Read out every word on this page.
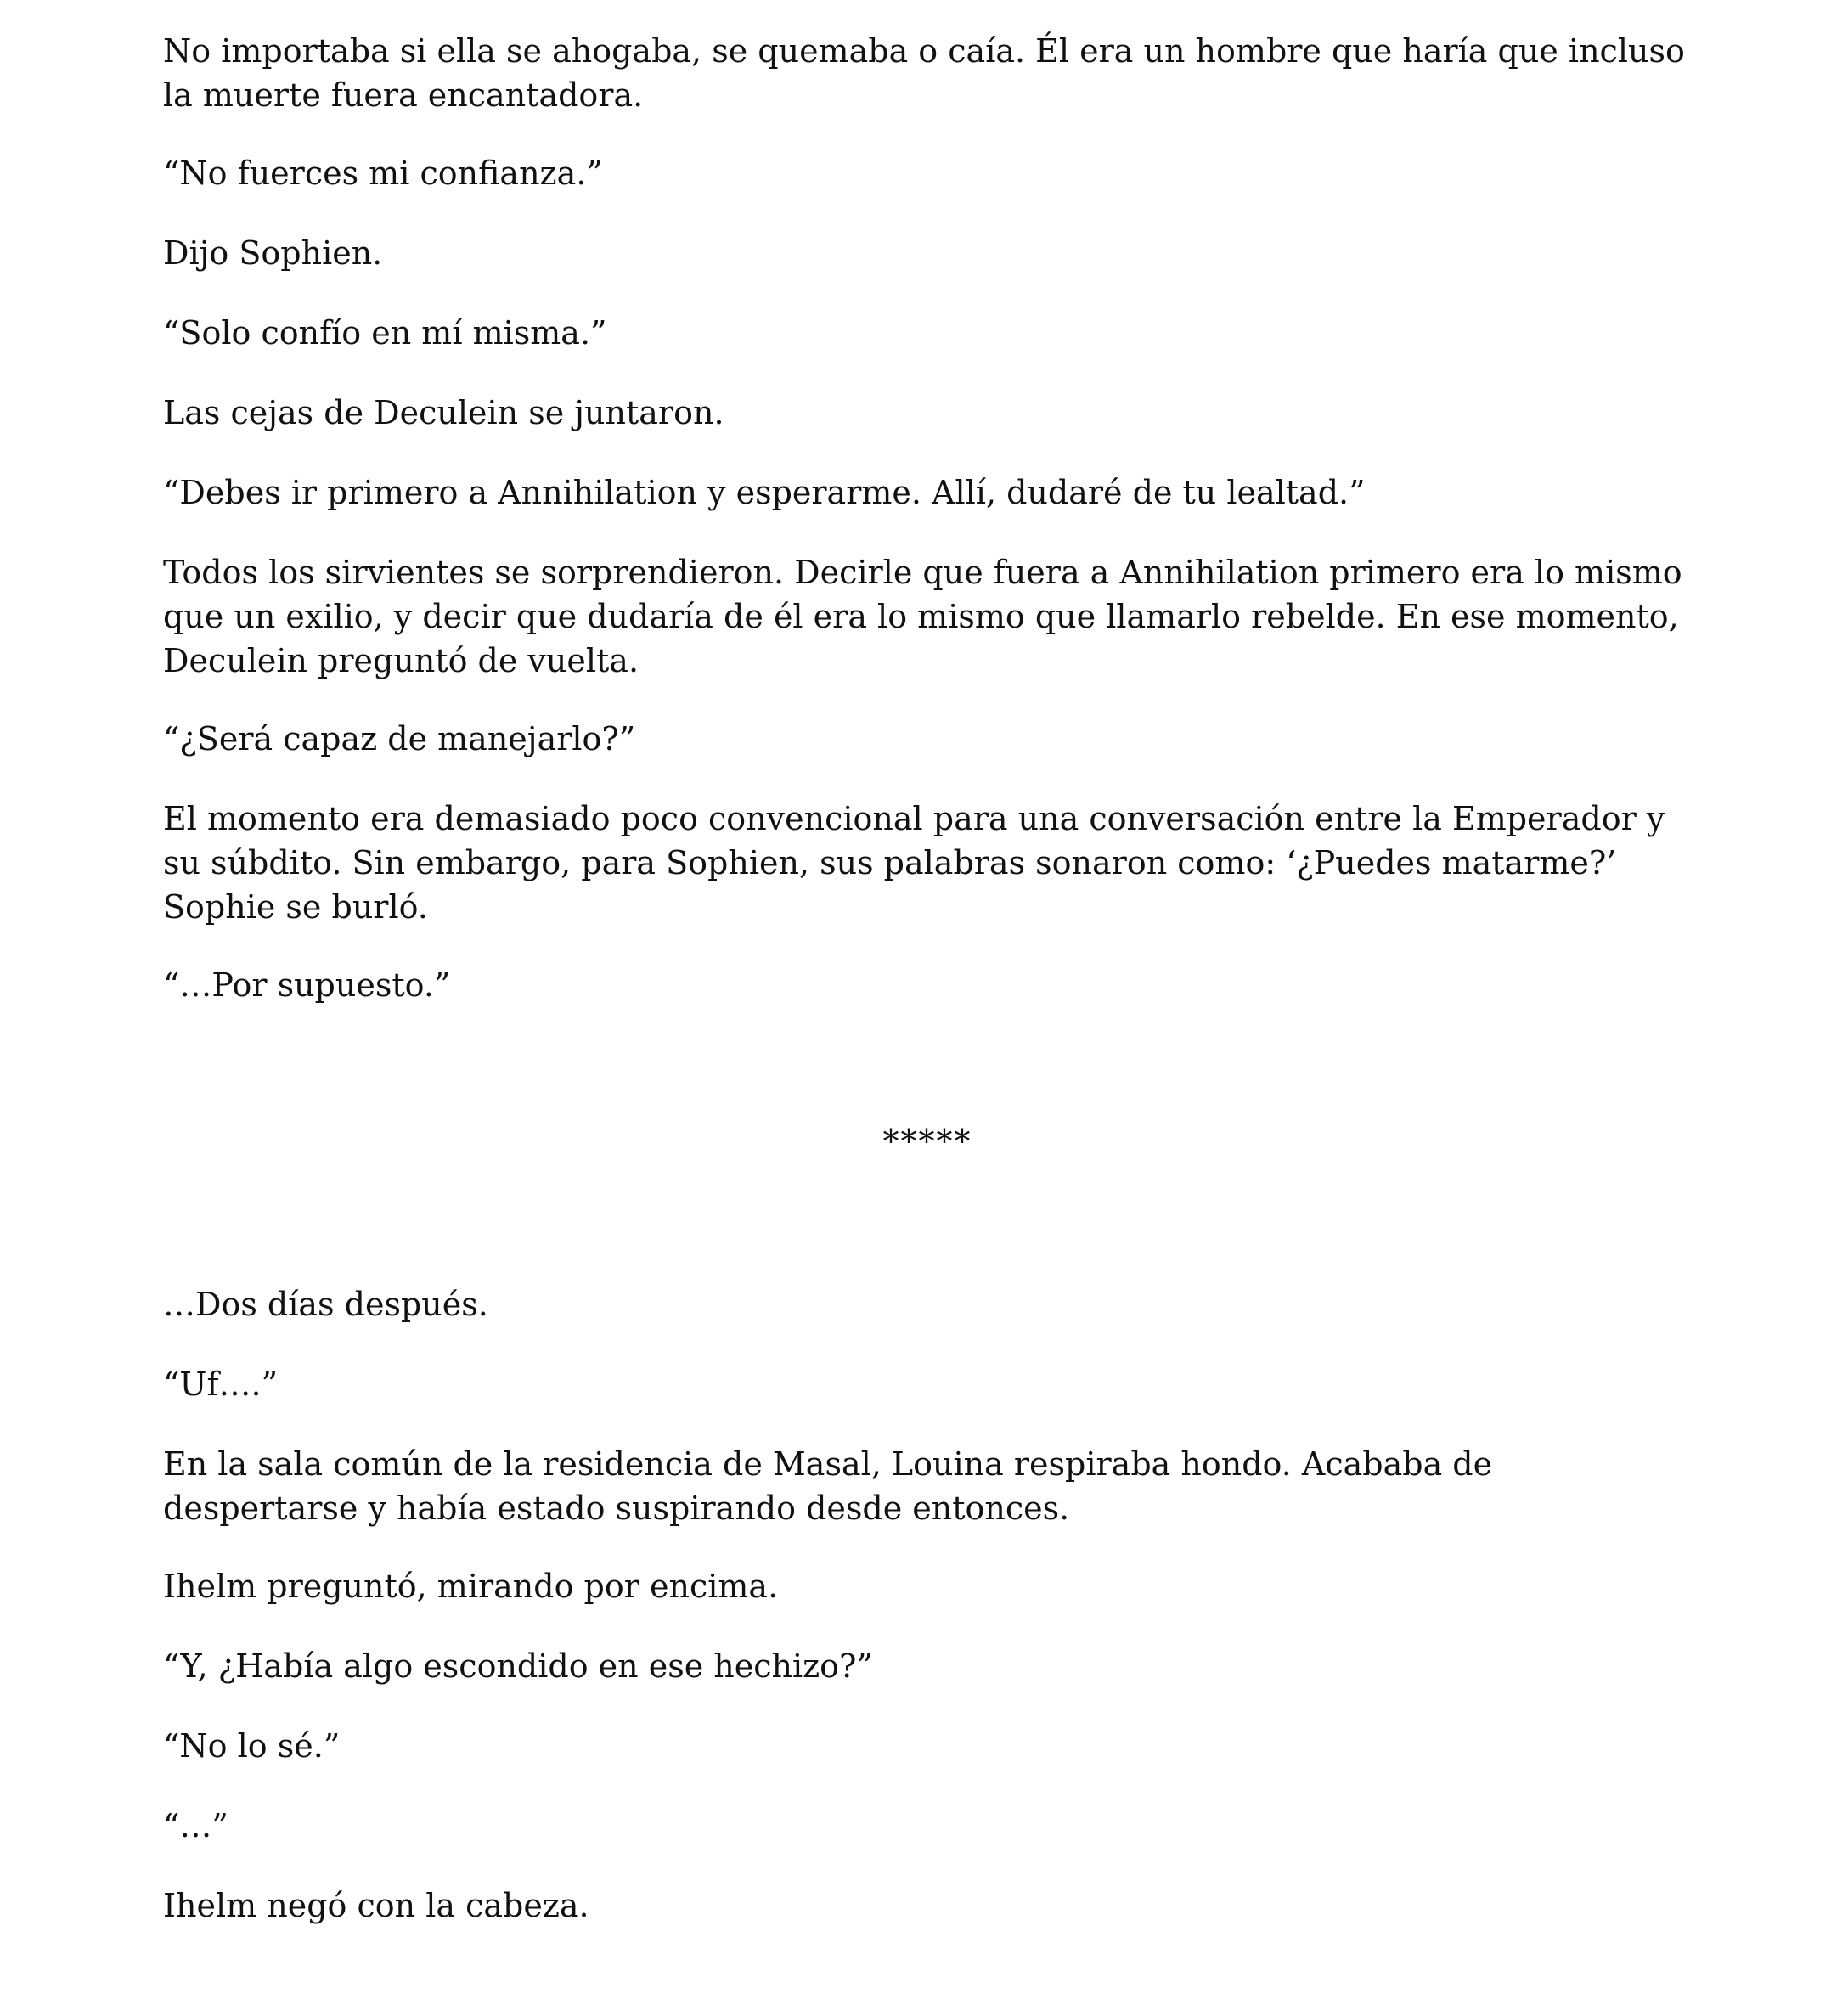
No importaba si ella se ahogaba, se quemaba o caía. Él era un hombre que haría que incluso la muerte fuera encantadora.

“No fuerces mi confianza.”

Dijo Sophien.

“Solo confío en mí misma.”

Las cejas de Deculein se juntaron.

“Debes ir primero a Annihilation y esperarme. Allí, dudaré de tu lealtad.”

Todos los sirvientes se sorprendieron. Decirle que fuera a Annihilation primero era lo mismo que un exilio, y decir que dudaría de él era lo mismo que llamarlo rebelde. En ese momento, Deculein preguntó de vuelta.

“¿Será capaz de manejarlo?”

El momento era demasiado poco convencional para una conversación entre la Emperador y su súbdito. Sin embargo, para Sophien, sus palabras sonaron como: ‘¿Puedes matarme?’ Sophie se burló.

“…Por supuesto.”

*****

…Dos días después.

“Uf….”

En la sala común de la residencia de Masal, Louina respiraba hondo. Acababa de despertarse y había estado suspirando desde entonces.

Ihelm preguntó, mirando por encima.

“Y, ¿Había algo escondido en ese hechizo?”

“No lo sé.”

“…”

Ihelm negó con la cabeza.
